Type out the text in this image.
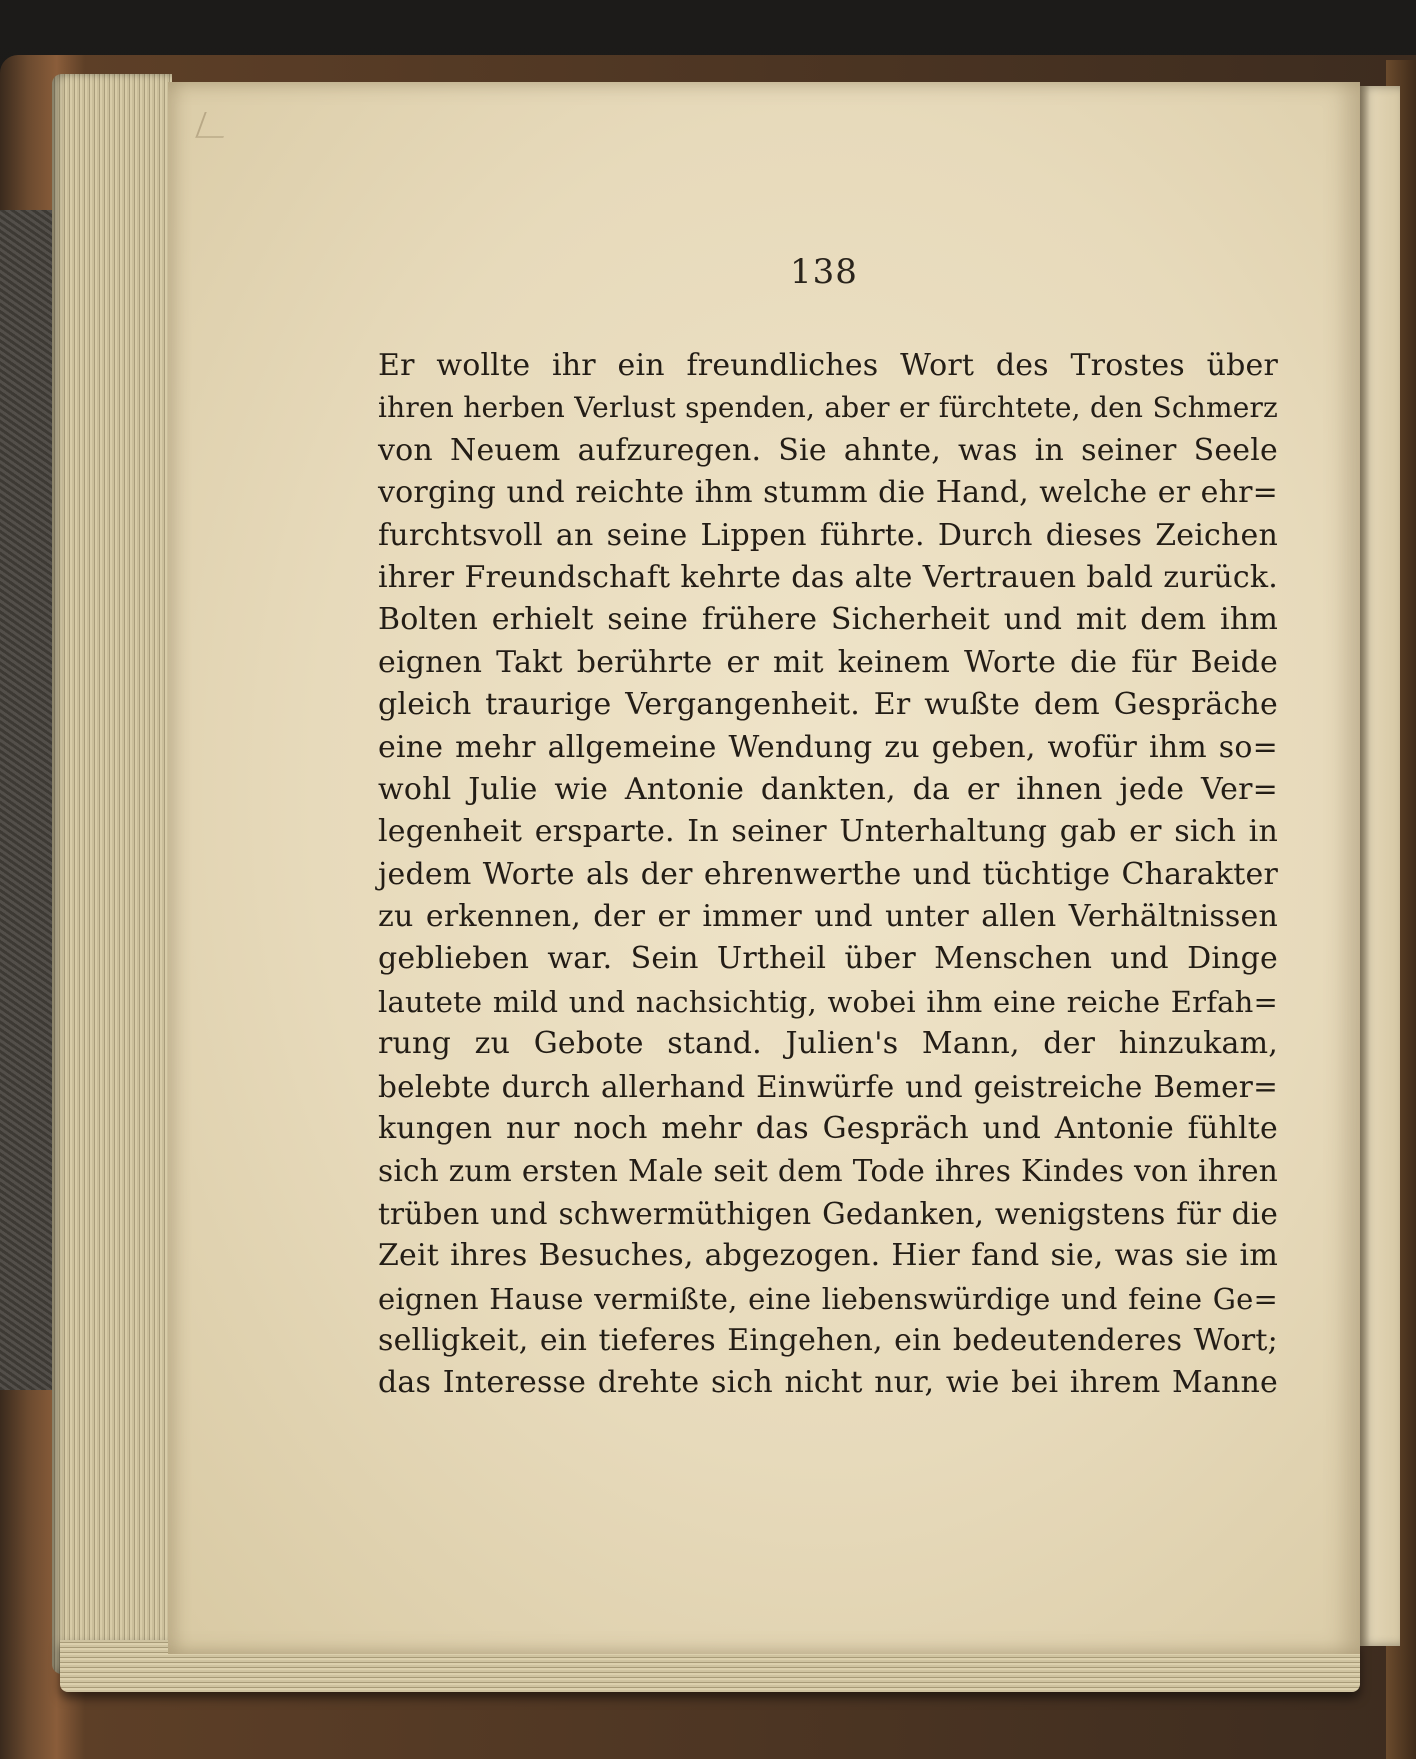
138
Er wollte ihr ein freundliches Wort des Trostes über
ihren herben Verlust spenden, aber er fürchtete, den Schmerz
von Neuem aufzuregen. Sie ahnte, was in seiner Seele
vorging und reichte ihm stumm die Hand, welche er ehr=
furchtsvoll an seine Lippen führte. Durch dieses Zeichen
ihrer Freundschaft kehrte das alte Vertrauen bald zurück.
Bolten erhielt seine frühere Sicherheit und mit dem ihm
eignen Takt berührte er mit keinem Worte die für Beide
gleich traurige Vergangenheit. Er wußte dem Gespräche
eine mehr allgemeine Wendung zu geben, wofür ihm so=
wohl Julie wie Antonie dankten, da er ihnen jede Ver=
legenheit ersparte. In seiner Unterhaltung gab er sich in
jedem Worte als der ehrenwerthe und tüchtige Charakter
zu erkennen, der er immer und unter allen Verhältnissen
geblieben war. Sein Urtheil über Menschen und Dinge
lautete mild und nachsichtig, wobei ihm eine reiche Erfah=
rung zu Gebote stand. Julien's Mann, der hinzukam,
belebte durch allerhand Einwürfe und geistreiche Bemer=
kungen nur noch mehr das Gespräch und Antonie fühlte
sich zum ersten Male seit dem Tode ihres Kindes von ihren
trüben und schwermüthigen Gedanken, wenigstens für die
Zeit ihres Besuches, abgezogen. Hier fand sie, was sie im
eignen Hause vermißte, eine liebenswürdige und feine Ge=
selligkeit, ein tieferes Eingehen, ein bedeutenderes Wort;
das Interesse drehte sich nicht nur, wie bei ihrem Manne
